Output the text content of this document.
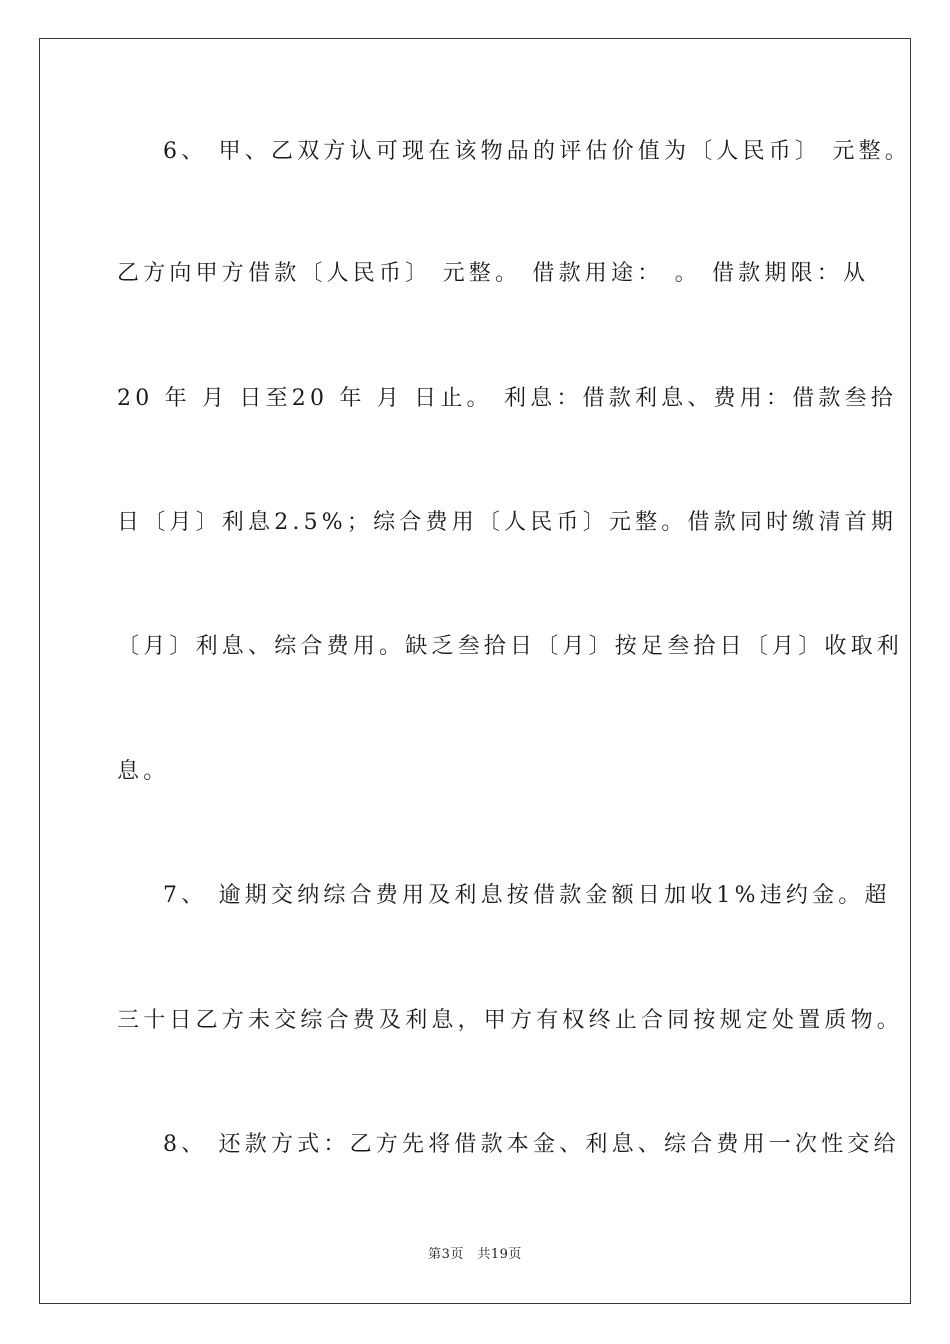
6、 甲、乙双方认可现在该物品的评估价值为〔人民币〕 元整。
乙方向甲方借款〔人民币〕 元整。 借款用途： 。 借款期限：从
20 年 月 日至20 年 月 日止。 利息：借款利息、费用：借款叁拾
日〔月〕利息2.5%；综合费用〔人民币〕元整。借款同时缴清首期
〔月〕利息、综合费用。缺乏叁拾日〔月〕按足叁拾日〔月〕收取利
息。
7、 逾期交纳综合费用及利息按借款金额日加收1%违约金。超
三十日乙方未交综合费及利息，甲方有权终止合同按规定处置质物。
8、 还款方式：乙方先将借款本金、利息、综合费用一次性交给
第3页　共19页
